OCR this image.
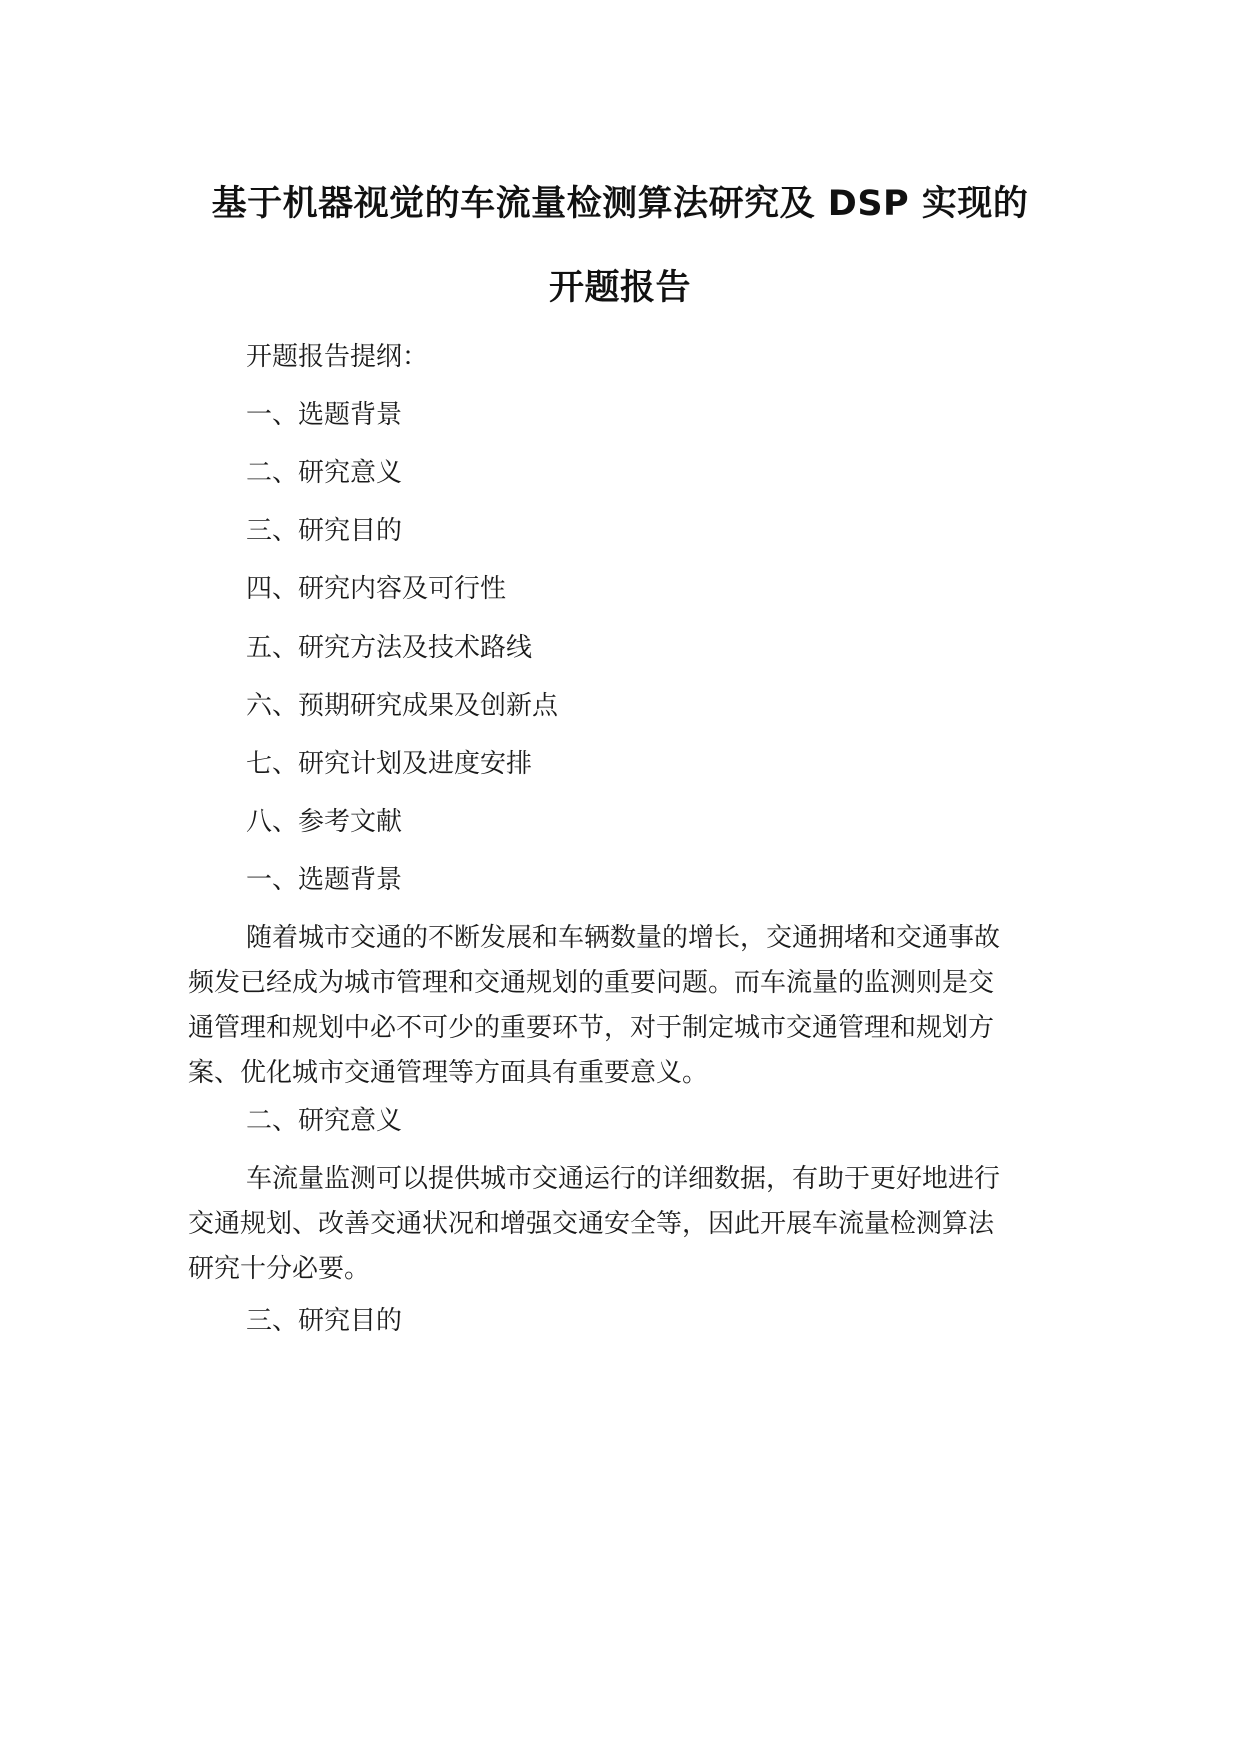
基于机器视觉的车流量检测算法研究及 DSP 实现的
开题报告
开题报告提纲：
一、选题背景
二、研究意义
三、研究目的
四、研究内容及可行性
五、研究方法及技术路线
六、预期研究成果及创新点
七、研究计划及进度安排
八、参考文献
一、选题背景
随着城市交通的不断发展和车辆数量的增长，交通拥堵和交通事故
频发已经成为城市管理和交通规划的重要问题。而车流量的监测则是交
通管理和规划中必不可少的重要环节，对于制定城市交通管理和规划方
案、优化城市交通管理等方面具有重要意义。
二、研究意义
车流量监测可以提供城市交通运行的详细数据，有助于更好地进行
交通规划、改善交通状况和增强交通安全等，因此开展车流量检测算法
研究十分必要。
三、研究目的
